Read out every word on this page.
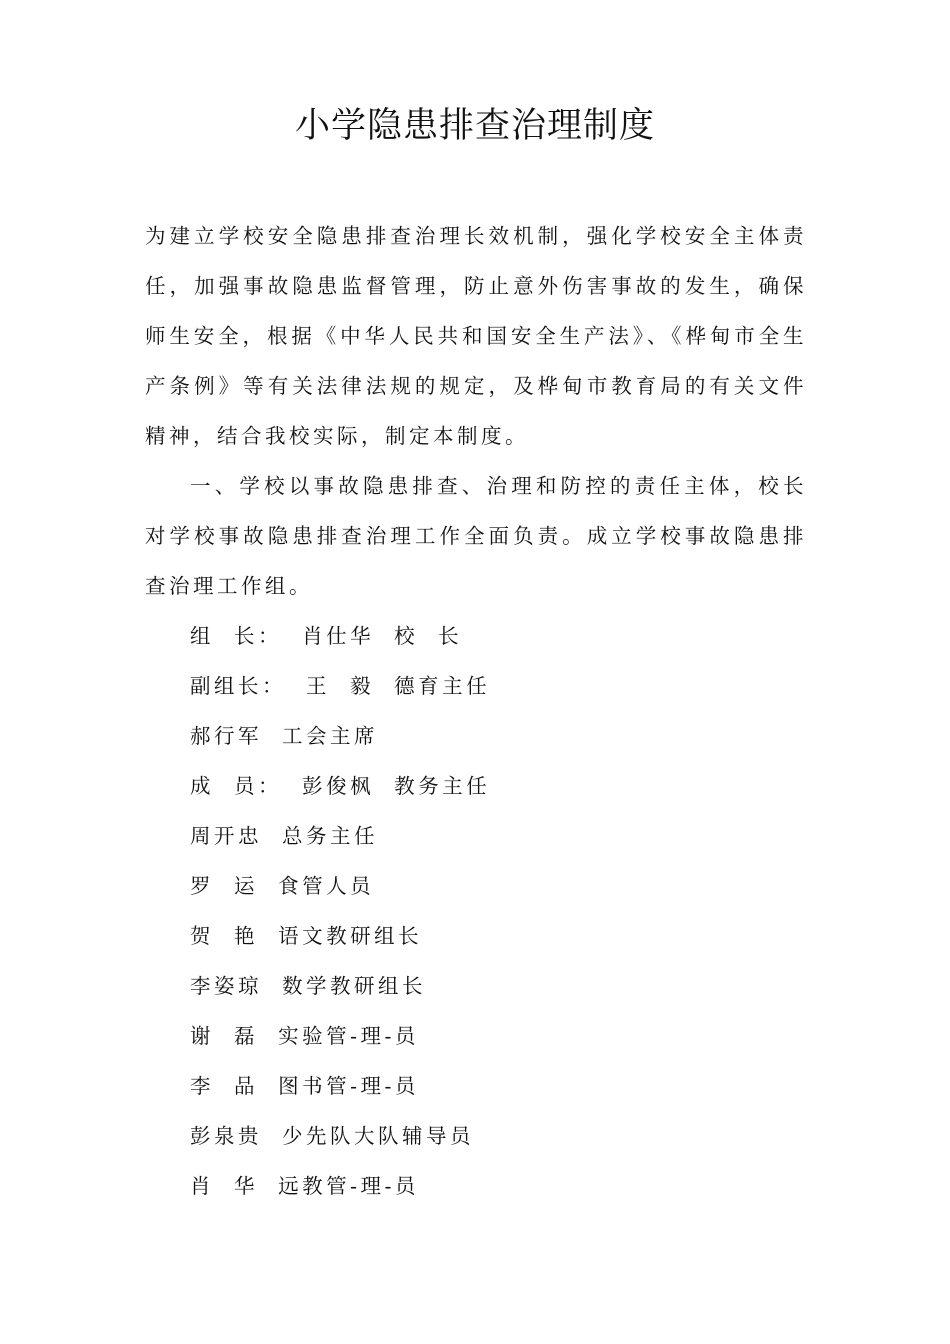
小学隐患排查治理制度

为建立学校安全隐患排查治理长效机制，强化学校安全主体责任，加强事故隐患监督管理，防止意外伤害事故的发生，确保师生安全，根据《中华人民共和国安全生产法》、《桦甸市全生产条例》等有关法律法规的规定，及桦甸市教育局的有关文件精神，结合我校实际，制定本制度。

一、学校以事故隐患排查、治理和防控的责任主体，校长对学校事故隐患排查治理工作全面负责。成立学校事故隐患排查治理工作组。

组  长：  肖仕华  校  长
副组长：  王  毅  德育主任
郝行军  工会主席
成  员：  彭俊枫  教务主任
周开忠  总务主任
罗  运  食管人员
贺  艳  语文教研组长
李姿琼  数学教研组长
谢  磊  实验管-理-员
李  品  图书管-理-员
彭泉贵  少先队大队辅导员
肖  华  远教管-理-员
